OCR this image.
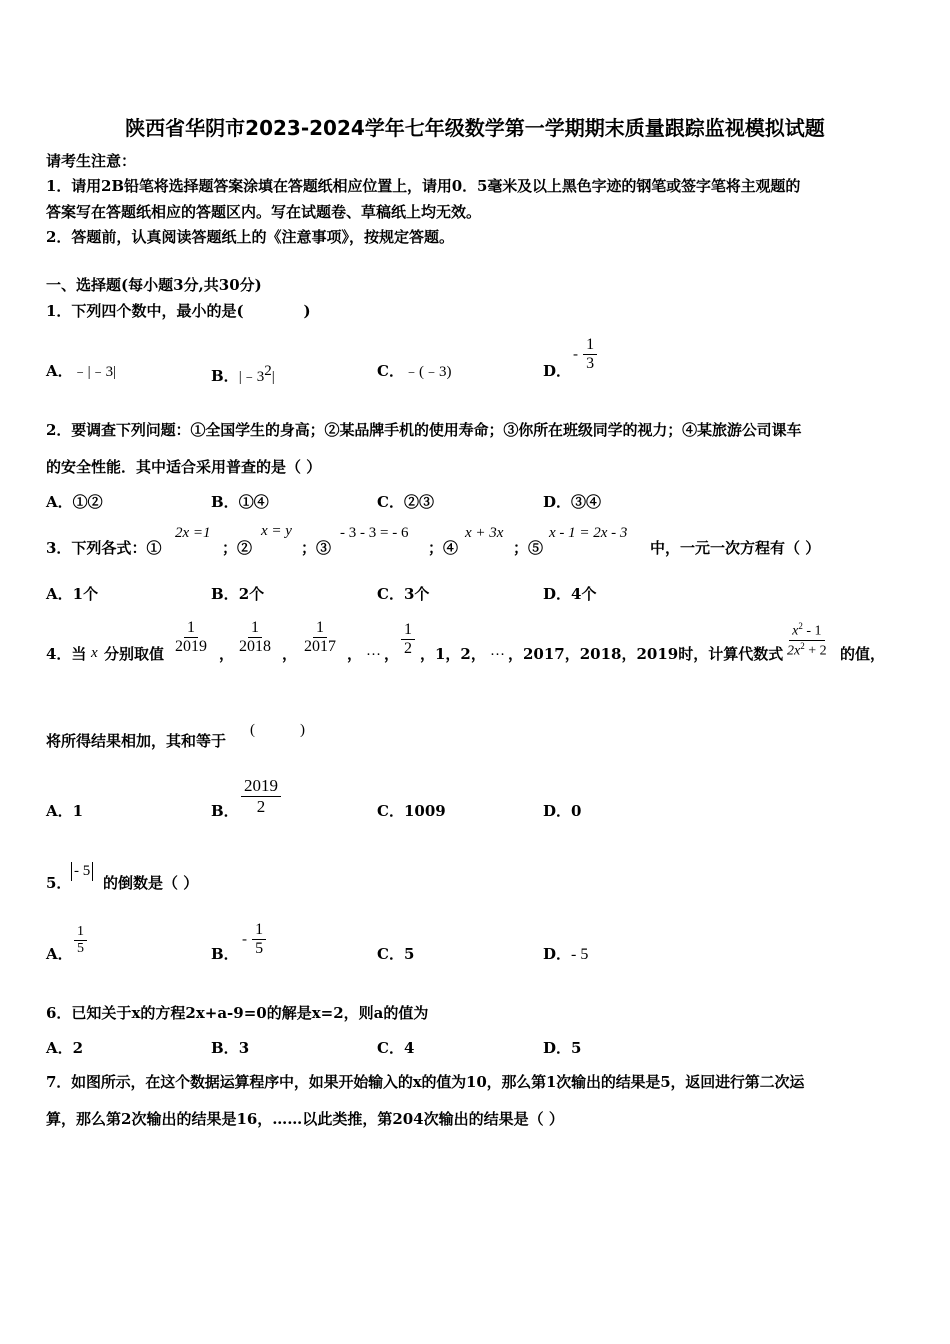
陕西省华阴市2023-2024学年七年级数学第一学期期末质量跟踪监视模拟试题
请考生注意：
1．请用2B铅笔将选择题答案涂填在答题纸相应位置上，请用0．5毫米及以上黑色字迹的钢笔或签字笔将主观题的
答案写在答题纸相应的答题区内。写在试题卷、草稿纸上均无效。
2．答题前，认真阅读答题纸上的《注意事项》，按规定答题。
一、选择题(每小题3分,共30分)
1．下列四个数中，最小的是(　　　　)
A．﹣|﹣3|	B．$|﹣3^2|$	C．﹣(﹣3)	D．
- $\frac{1}{3}$
2．要调查下列问题：①全国学生的身高；②某品牌手机的使用寿命；③你所在班级同学的视力；④某旅游公司课车
的安全性能．其中适合采用普查的是（ ）
A．①②	B．①④	C．②③	D．③④
3．下列各式：①
2x =1
；②
x = y
；③
- 3 - 3 = - 6
；④
x + 3x
；⑤
x - 1 = 2x - 3
中，一元一次方程有（ ）
A．1个	B．2个	C．3个	D．4个
4．当 x 分别取值 $\frac{1}{2019}$ ， $\frac{1}{2018}$ ， $\frac{1}{2017}$ ， … ， $\frac{1}{2}$ ，1，2， … ，2017，2018，2019时，计算代数式 $\frac{x^2 - 1}{2x^2 + 2}$ 的值，
将所得结果相加，其和等于
(　　　)
A．1	B． $\frac{2019}{2}$	C．1009	D．0
5．
- 5
的倒数是（ ）
A． $\frac{1}{5}$	B．
- $\frac{1}{5}$	C．5	D．- 5
6．已知关于x的方程2x+a-9=0的解是x=2，则a的值为
A．2	B．3	C．4	D．5
7．如图所示，在这个数据运算程序中，如果开始输入的x的值为10，那么第1次输出的结果是5，返回进行第二次运
算，那么第2次输出的结果是16，……以此类推，第204次输出的结果是（ ）
